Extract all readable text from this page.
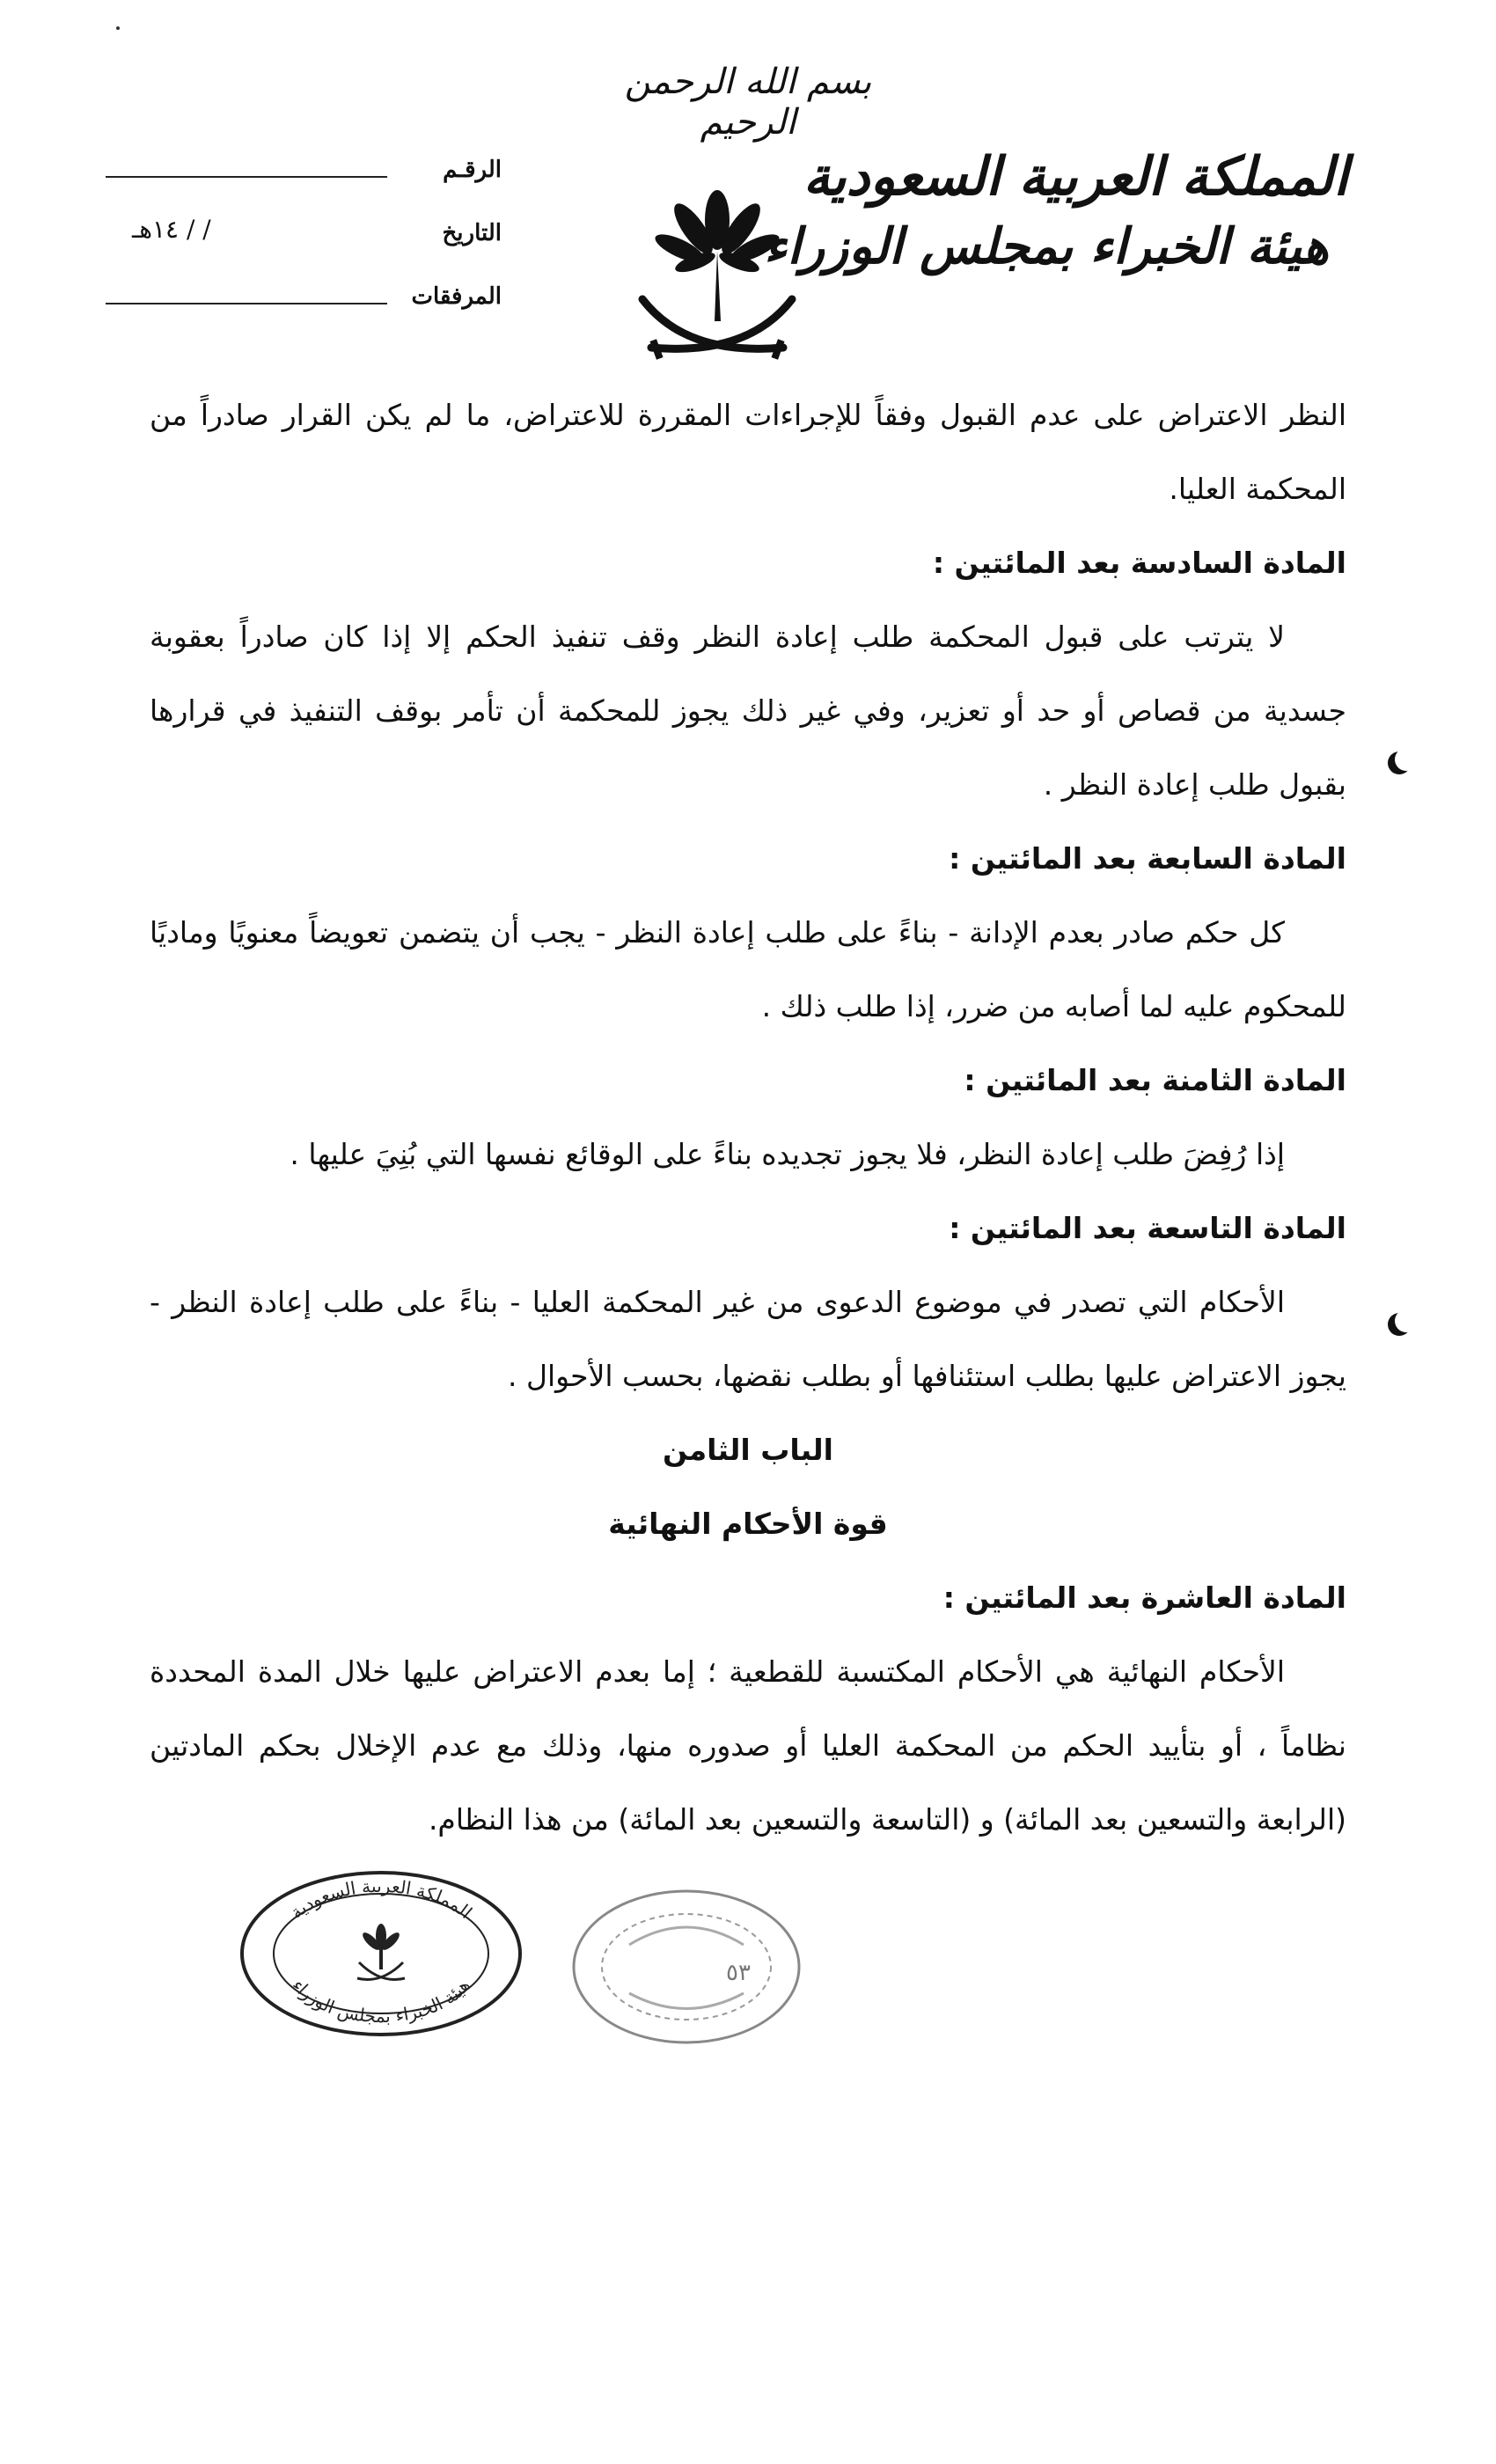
بسم الله الرحمن الرحيم
المملكة العربية السعودية
هيئة الخبراء بمجلس الوزراء
الرقـم
التاريخ
/ / ١٤هـ
المرفقات

النظر الاعتراض على عدم القبول وفقاً للإجراءات المقررة للاعتراض، ما لم يكن القرار صادراً من المحكمة العليا.

المادة السادسة بعد المائتين :

لا يترتب على قبول المحكمة طلب إعادة النظر وقف تنفيذ الحكم إلا إذا كان صادراً بعقوبة جسدية من قصاص أو حد أو تعزير، وفي غير ذلك يجوز للمحكمة أن تأمر بوقف التنفيذ في قرارها بقبول طلب إعادة النظر .

المادة السابعة بعد المائتين :

كل حكم صادر بعدم الإدانة - بناءً على طلب إعادة النظر - يجب أن يتضمن تعويضاً معنويًا وماديًا للمحكوم عليه لما أصابه من ضرر، إذا طلب ذلك .

المادة الثامنة بعد المائتين :

إذا رُفِضَ طلب إعادة النظر، فلا يجوز تجديده بناءً على الوقائع نفسها التي بُنِيَ عليها .

المادة التاسعة بعد المائتين :

الأحكام التي تصدر في موضوع الدعوى من غير المحكمة العليا - بناءً على طلب إعادة النظر - يجوز الاعتراض عليها بطلب استئنافها أو بطلب نقضها، بحسب الأحوال .

الباب الثامن

قوة الأحكام النهائية

المادة العاشرة بعد المائتين :

الأحكام النهائية هي الأحكام المكتسبة للقطعية ؛ إما بعدم الاعتراض عليها خلال المدة المحددة نظاماً ، أو بتأييد الحكم من المحكمة العليا أو صدوره منها، وذلك مع عدم الإخلال بحكم المادتين (الرابعة والتسعين بعد المائة) و (التاسعة والتسعين بعد المائة) من هذا النظام.

المملكة العربية السعودية
هيئة الخبراء بمجلس الوزراء	٥٣
